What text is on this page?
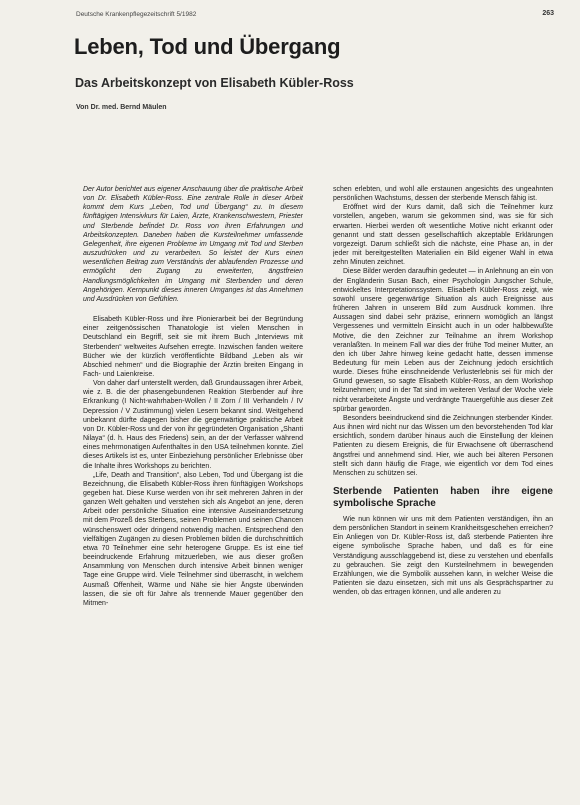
Deutsche Krankenpflegezeitschrift 5/1982	263
Leben, Tod und Übergang
Das Arbeitskonzept von Elisabeth Kübler-Ross
Von Dr. med. Bernd Mäulen

Der Autor berichtet aus eigener Anschauung über die praktische Arbeit von Dr. Elisabeth Kübler-Ross. Eine zentrale Rolle in dieser Arbeit kommt dem Kurs „Leben, Tod und Übergang“ zu. In diesem fünftägigen Intensivkurs für Laien, Ärzte, Krankenschwestern, Priester und Sterbende befindet Dr. Ross von ihren Erfahrungen und Arbeitskonzepten. Daneben haben die Kursteilnehmer umfassende Gelegenheit, ihre eigenen Probleme im Umgang mit Tod und Sterben auszudrücken und zu verarbeiten. So leistet der Kurs einen wesentlichen Beitrag zum Verständnis der ablaufenden Prozesse und ermöglicht den Zugang zu erweiterten, ängstfreien Handlungsmöglichkeiten im Umgang mit Sterbenden und deren Angehörigen. Kernpunkt dieses inneren Umganges ist das Annehmen und Ausdrücken von Gefühlen.

Elisabeth Kübler-Ross und ihre Pionierarbeit bei der Begründung einer zeitgenössischen Thanatologie ist vielen Menschen in Deutschland ein Begriff, seit sie mit ihrem Buch „Interviews mit Sterbenden“ weltweites Aufsehen erregte. Inzwischen fanden weitere Bücher wie der kürzlich veröffentlichte Bildband „Leben als wir Abschied nehmen“ und die Biographie der Ärztin breiten Eingang in Fach- und Laienkreise.

Von daher darf unterstellt werden, daß Grundaussagen ihrer Arbeit, wie z. B. die der phasengebundenen Reaktion Sterbender auf ihre Erkrankung (I Nicht-wahrhaben-Wollen / II Zorn / III Verhandeln / IV Depression / V Zustimmung) vielen Lesern bekannt sind. Weitgehend unbekannt dürfte dagegen bisher die gegenwärtige praktische Arbeit von Dr. Kübler-Ross und der von ihr gegründeten Organisation „Shanti Nilaya“ (d. h. Haus des Friedens) sein, an der der Verfasser während eines mehrmonatigen Aufenthaltes in den USA teilnehmen konnte. Ziel dieses Artikels ist es, unter Einbeziehung persönlicher Erlebnisse über die Inhalte ihres Workshops zu berichten.

„Life, Death and Transition“, also Leben, Tod und Übergang ist die Bezeichnung, die Elisabeth Kübler-Ross ihren fünftägigen Workshops gegeben hat. Diese Kurse werden von ihr seit mehreren Jahren in der ganzen Welt gehalten und verstehen sich als Angebot an jene, deren Arbeit oder persönliche Situation eine intensive Auseinandersetzung mit dem Prozeß des Sterbens, seinen Problemen und seinen Chancen wünschenswert oder dringend notwendig machen. Entsprechend den vielfältigen Zugängen zu diesen Problemen bilden die durchschnittlich etwa 70 Teilnehmer eine sehr heterogene Gruppe. Es ist eine tief beeindruckende Erfahrung mitzuerleben, wie aus dieser großen Ansammlung von Menschen durch intensive Arbeit binnen weniger Tage eine Gruppe wird. Viele Teilnehmer sind überrascht, in welchem Ausmaß Offenheit, Wärme und Nähe sie hier Ängste überwinden lassen, die sie oft für Jahre als trennende Mauer gegenüber den Mitmen-

schen erlebten, und wohl alle erstaunen angesichts des ungeahnten persönlichen Wachstums, dessen der sterbende Mensch fähig ist.

Eröffnet wird der Kurs damit, daß sich die Teilnehmer kurz vorstellen, angeben, warum sie gekommen sind, was sie für sich erwarten. Hierbei werden oft wesentliche Motive nicht erkannt oder genannt und statt dessen gesellschaftlich akzeptable Erklärungen vorgezeigt. Darum schließt sich die nächste, eine Phase an, in der jeder mit bereitgestellten Materialien ein Bild eigener Wahl in etwa zehn Minuten zeichnet.

Diese Bilder werden daraufhin gedeutet — in Anlehnung an ein von der Engländerin Susan Bach, einer Psychologin Jungscher Schule, entwickeltes Interpretationssystem. Elisabeth Kübler-Ross zeigt, wie sowohl unsere gegenwärtige Situation als auch Ereignisse aus früheren Jahren in unserem Bild zum Ausdruck kommen. Ihre Aussagen sind dabei sehr präzise, erinnern womöglich an längst Vergessenes und vermitteln Einsicht auch in un oder halbbewußte Motive, die den Zeichner zur Teilnahme an ihrem Workshop veranlaßten. In meinem Fall war dies der frühe Tod meiner Mutter, an den ich über Jahre hinweg keine gedacht hatte, dessen immense Bedeutung für mein Leben aus der Zeichnung jedoch ersichtlich wurde. Dieses frühe einschneidende Verlusterlebnis sei für mich der Grund gewesen, so sagte Elisabeth Kübler-Ross, an dem Workshop teilzunehmen; und in der Tat sind im weiteren Verlauf der Woche viele nicht verarbeitete Ängste und verdrängte Trauergefühle aus dieser Zeit spürbar geworden.

Besonders beeindruckend sind die Zeichnungen sterbender Kinder. Aus ihnen wird nicht nur das Wissen um den bevorstehenden Tod klar ersichtlich, sondern darüber hinaus auch die Einstellung der kleinen Patienten zu diesem Ereignis, die für Erwachsene oft überraschend ängstfrei und annehmend sind. Hier, wie auch bei älteren Personen stellt sich dann häufig die Frage, wie eigentlich vor dem Tod eines Menschen zu schützen sei.

Sterbende Patienten haben ihre eigene symbolische Sprache

Wie nun können wir uns mit dem Patienten verständigen, ihn an dem persönlichen Standort in seinem Krankheitsgeschehen erreichen? Ein Anliegen von Dr. Kübler-Ross ist, daß sterbende Patienten ihre eigene symbolische Sprache haben, und daß es für eine Verständigung ausschlaggebend ist, diese zu verstehen und ebenfalls zu gebrauchen. Sie zeigt den Kursteilnehmern in bewegenden Erzählungen, wie die Symbolik aussehen kann, in welcher Weise die Patienten sie dazu einsetzen, sich mit uns als Gesprächspartner zu wenden, ob das ertragen können, und alle anderen zu
